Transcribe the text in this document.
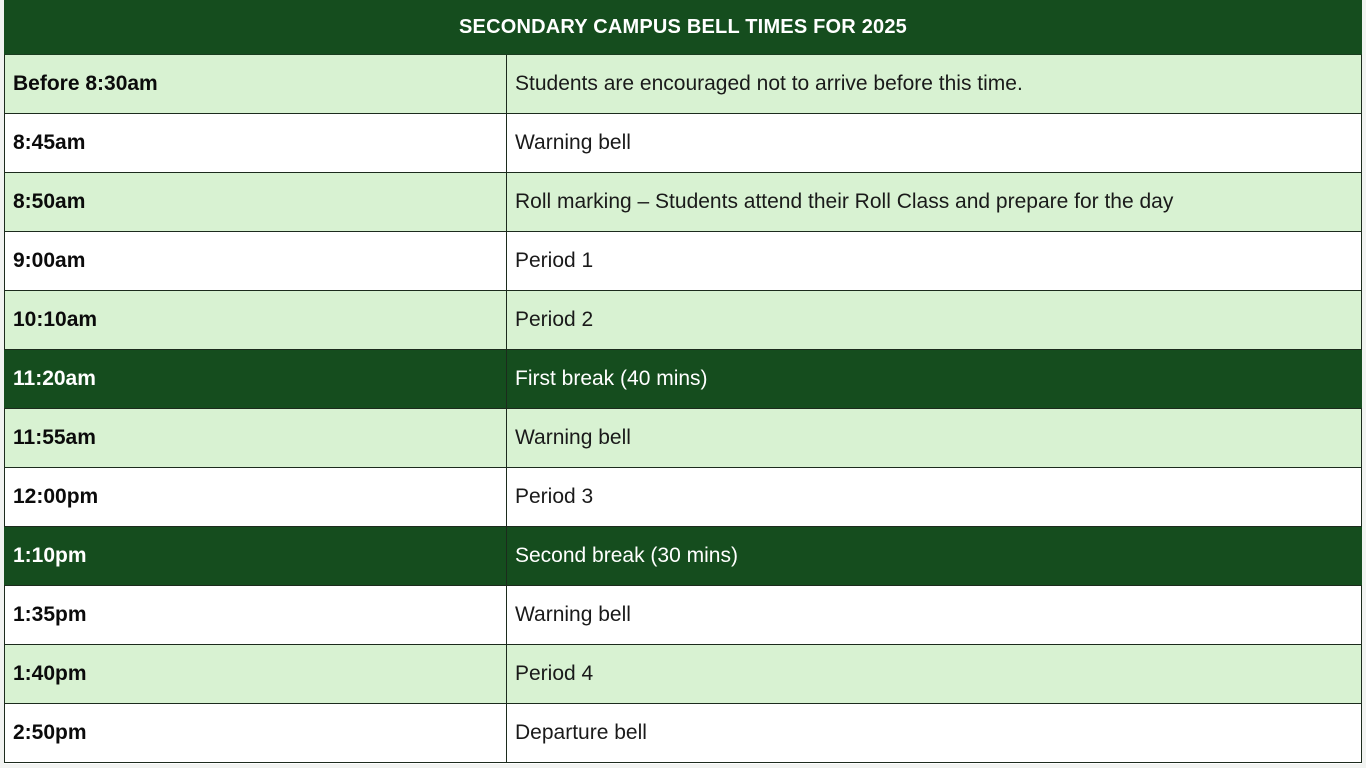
SECONDARY CAMPUS BELL TIMES FOR 2025
Before 8:30am	Students are encouraged not to arrive before this time.
8:45am	Warning bell
8:50am	Roll marking – Students attend their Roll Class and prepare for the day
9:00am	Period 1
10:10am	Period 2
11:20am	First break (40 mins)
11:55am	Warning bell
12:00pm	Period 3
1:10pm	Second break (30 mins)
1:35pm	Warning bell
1:40pm	Period 4
2:50pm	Departure bell
